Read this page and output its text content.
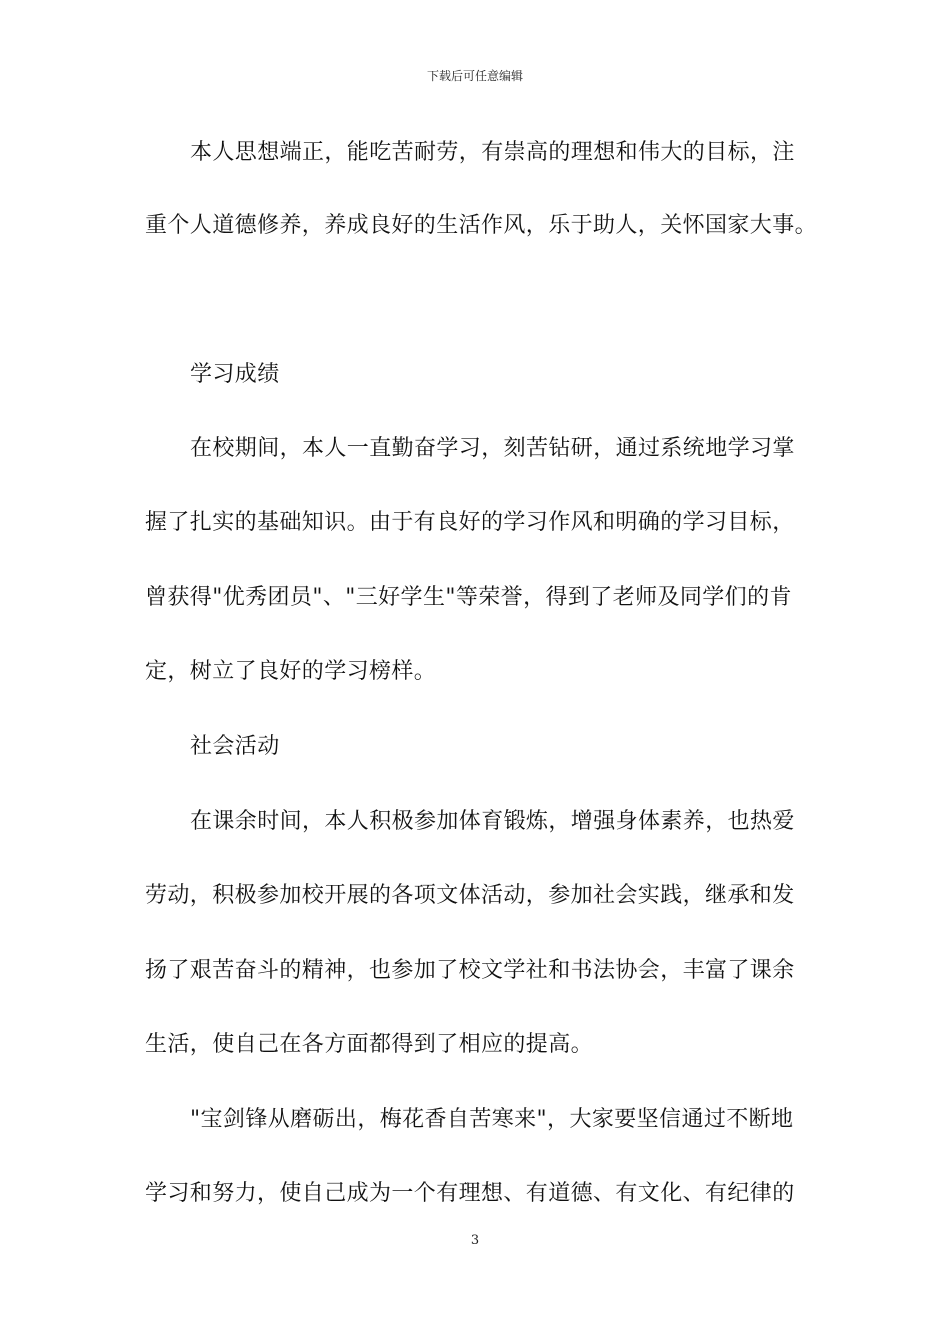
下载后可任意编辑
本人思想端正，能吃苦耐劳，有崇高的理想和伟大的目标，注
重个人道德修养，养成良好的生活作风，乐于助人，关怀国家大事。
学习成绩
在校期间，本人一直勤奋学习，刻苦钻研，通过系统地学习掌
握了扎实的基础知识。由于有良好的学习作风和明确的学习目标，
曾获得"优秀团员"、"三好学生"等荣誉，得到了老师及同学们的肯
定，树立了良好的学习榜样。
社会活动
在课余时间，本人积极参加体育锻炼，增强身体素养，也热爱
劳动，积极参加校开展的各项文体活动，参加社会实践，继承和发
扬了艰苦奋斗的精神，也参加了校文学社和书法协会，丰富了课余
生活，使自己在各方面都得到了相应的提高。
"宝剑锋从磨砺出，梅花香自苦寒来"，大家要坚信通过不断地
学习和努力，使自己成为一个有理想、有道德、有文化、有纪律的
3
